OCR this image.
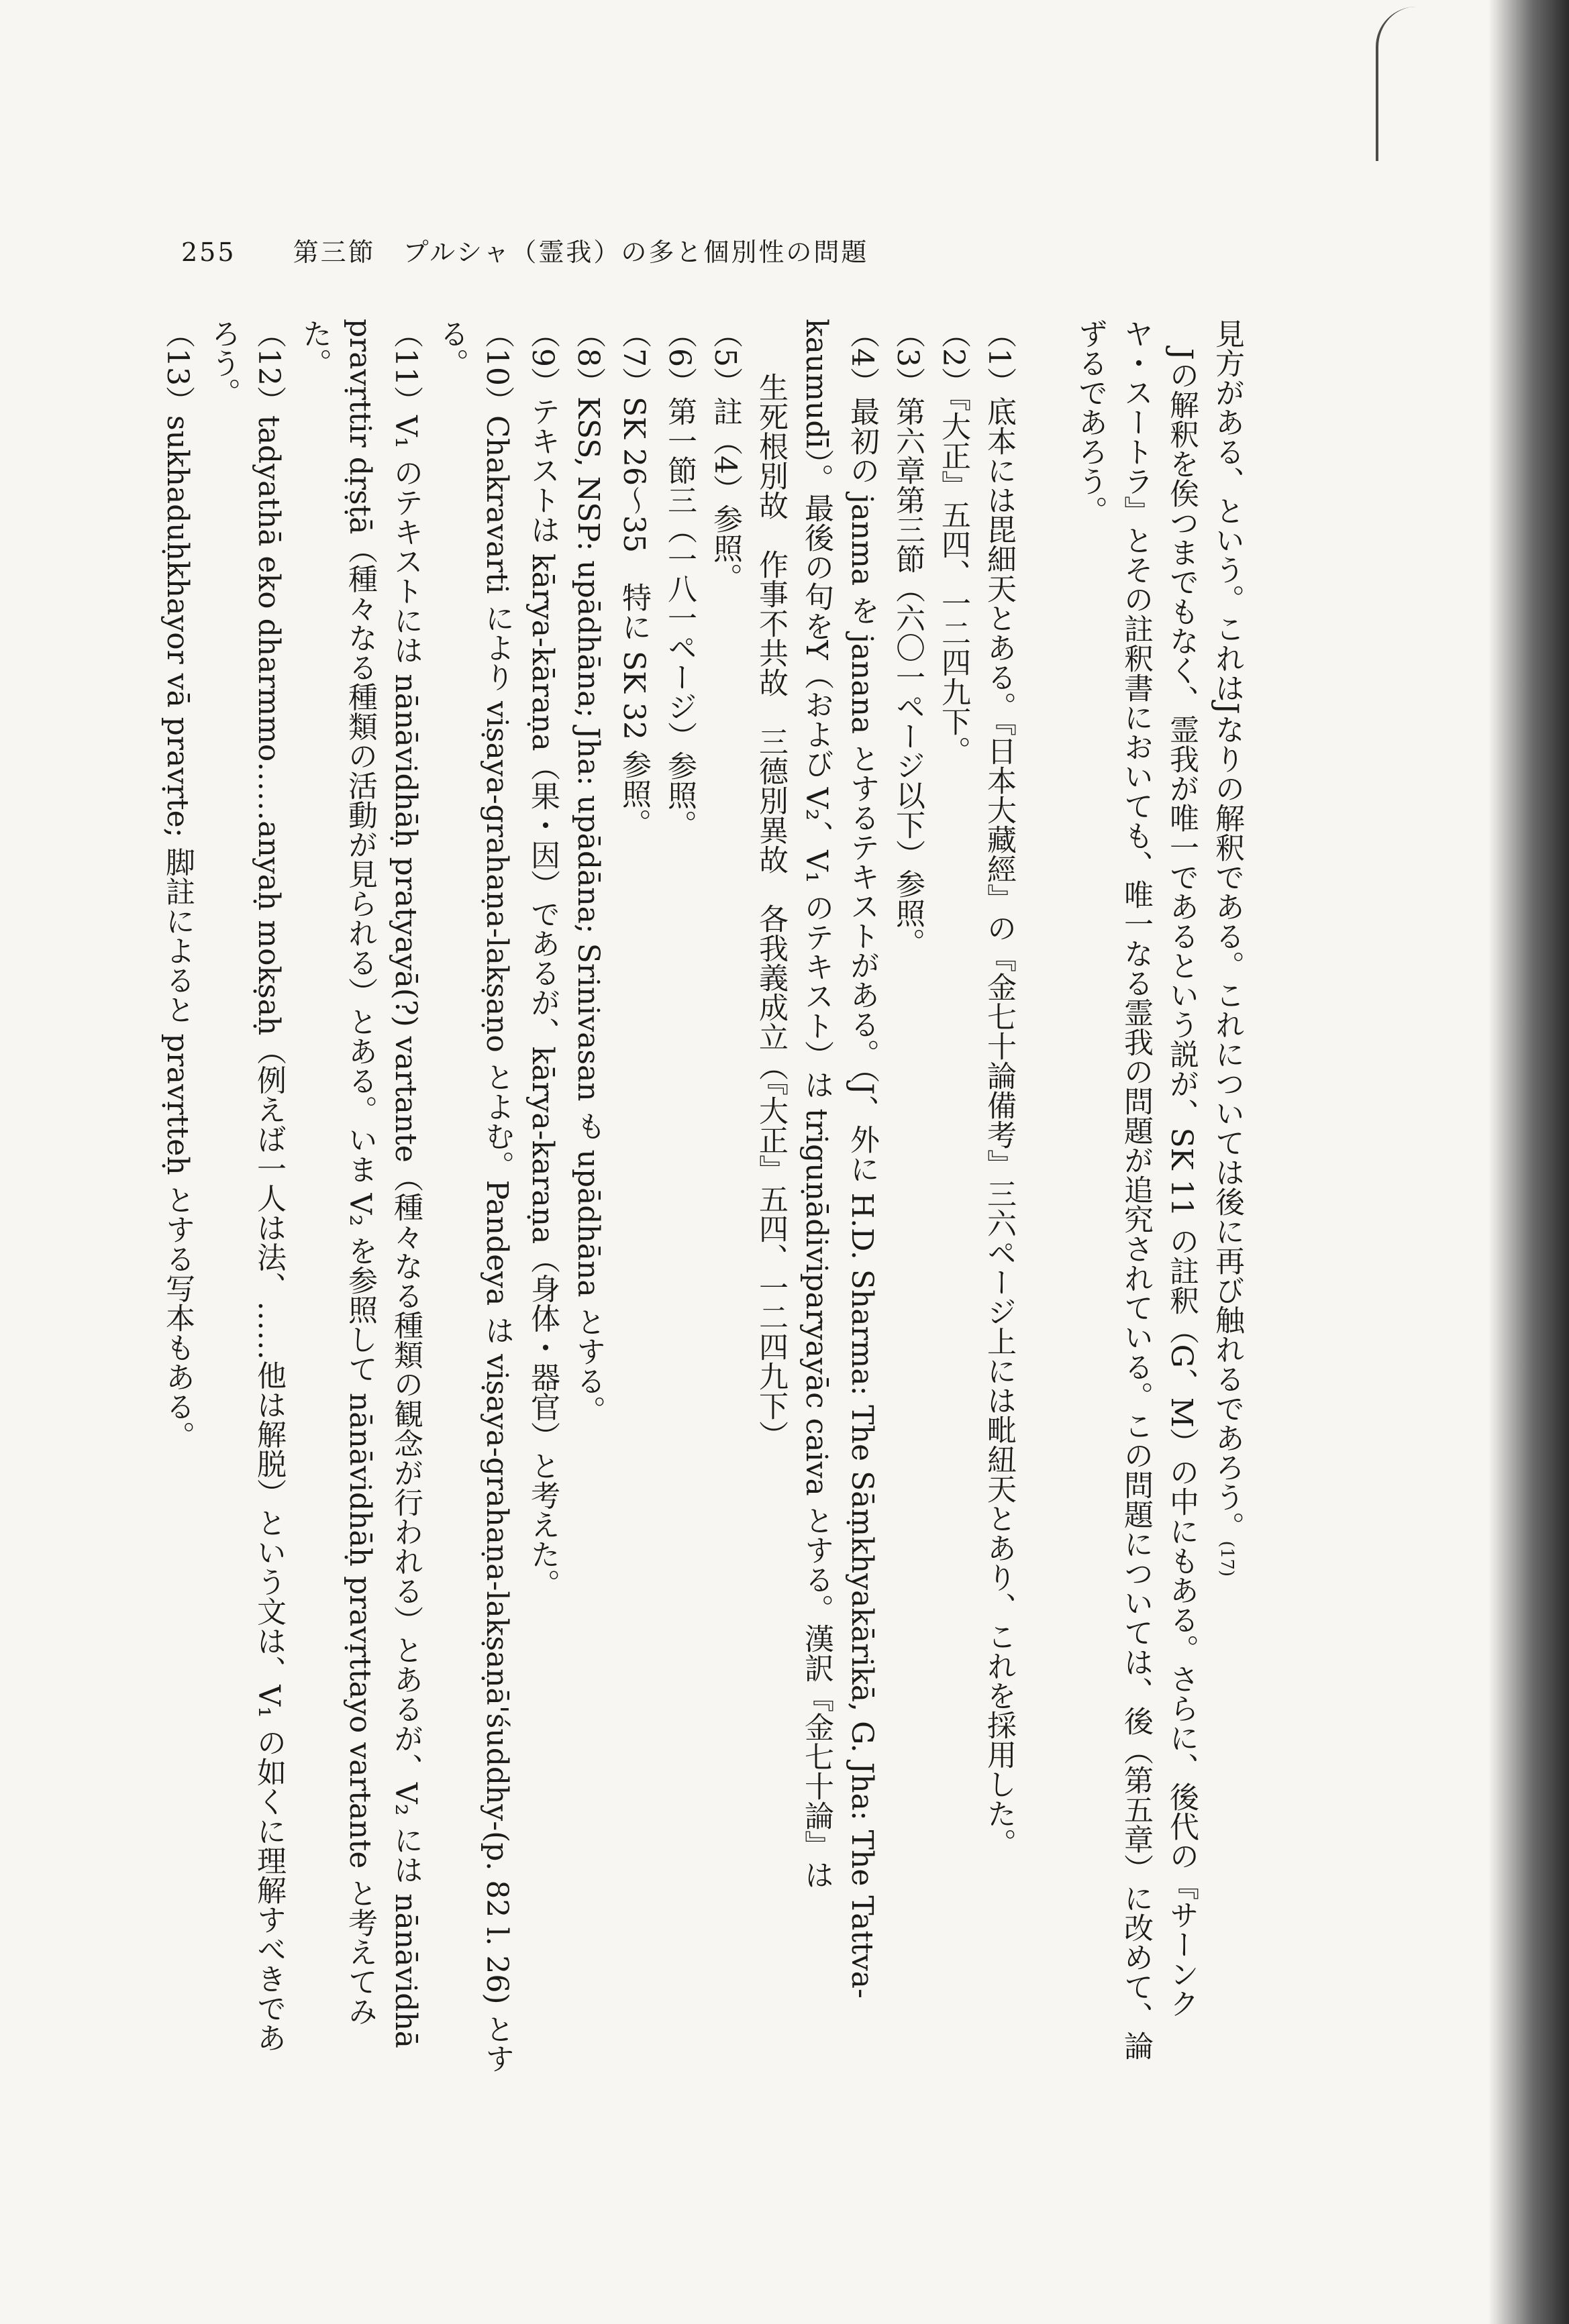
255 第三節　プルシャ（霊我）の多と個別性の問題

見方がある、という。これはJなりの解釈である。これについては後に再び触れるであろう。(17)

Jの解釈を俟つまでもなく、霊我が唯一であるという説が、SK 11 の註釈（G、M）の中にもある。さらに、後代の『サーンクヤ・スートラ』とその註釈書においても、唯一なる霊我の問題が追究されている。この問題については、後（第五章）に改めて、論ずるであろう。

（1）底本には毘細天とある。『日本大藏經』の『金七十論備考』三六ページ上には毗紐天とあり、これを採用した。

（2）『大正』五四、一二四九下。

（3）第六章第三節（六〇一ページ以下）参照。

（4）最初の janma を janana とするテキストがある。（J、外に H.D. Sharma: The Sāṃkhyakārikā, G. Jha: The Tattva-kaumudī）。最後の句をY（および V₂、V₁ のテキスト）は triguṇādiviparyayāc caiva とする。漢訳『金七十論』は

生死根別故　作事不共故　三德別異故　各我義成立（『大正』五四、一二四九下）

（5）註（4）参照。

（6）第一節三（一八一ページ）参照。

（7）SK 26～35　特に SK 32 参照。

（8）KSS, NSP: upādhāna; Jha: upādāna; Srinivasan も upādhāna とする。

（9）テキストは kārya-kāraṇa（果・因）であるが、kārya-karaṇa（身体・器官）と考えた。

（10）Chakravarti により viṣaya-grahaṇa-lakṣaṇo とよむ。Pandeya は viṣaya-grahaṇa-lakṣaṇā'śuddhy-(p. 82 l. 26) とする。

（11）V₁ のテキストには nānāvidhāḥ pratyayā(?) vartante（種々なる種類の観念が行われる）とあるが、V₂ には nānāvidhā pravṛttir dṛṣṭā（種々なる種類の活動が見られる）とある。いま V₂ を参照して nānāvidhāḥ pravṛttayo vartante と考えてみた。

（12）tadyathā eko dharmmo……anyaḥ mokṣaḥ（例えば一人は法、……他は解脱）という文は、V₁ の如くに理解すべきであろう。

（13）sukhaduḥkhayor vā pravṛte; 脚註によると pravṛtteḥ とする写本もある。
